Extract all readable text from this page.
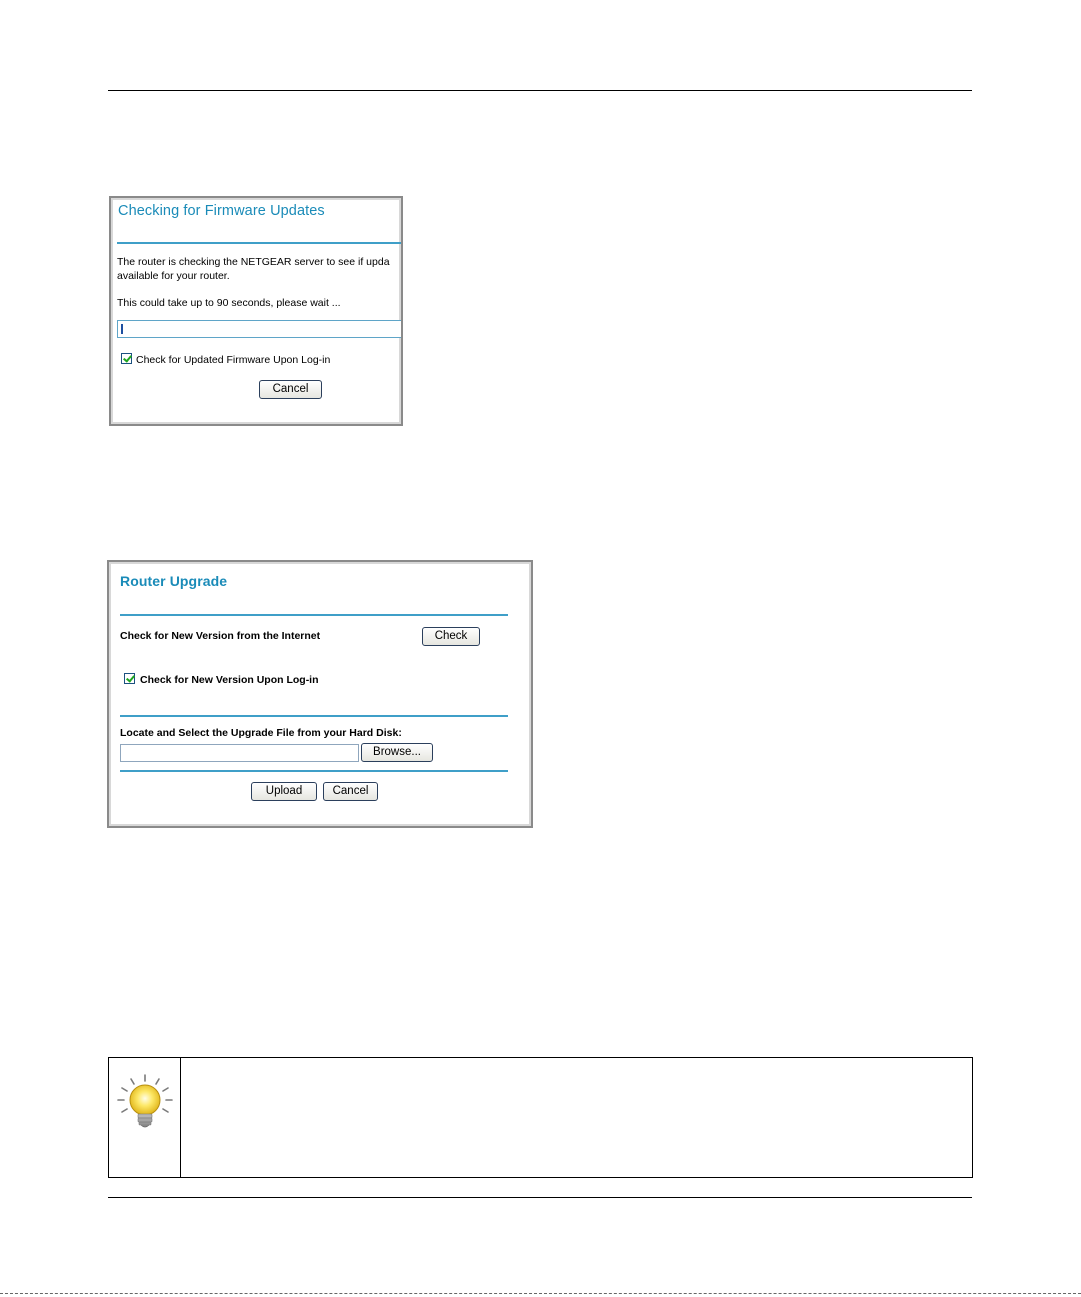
Checking for Firmware Updates
The router is checking the NETGEAR server to see if upda
available for your router.
This could take up to 90 seconds, please wait ...
Check for Updated Firmware Upon Log-in
Cancel
Router Upgrade
Check for New Version from the Internet	Check
Check for New Version Upon Log-in
Locate and Select the Upgrade File from your Hard Disk:
Browse...
Upload	Cancel
